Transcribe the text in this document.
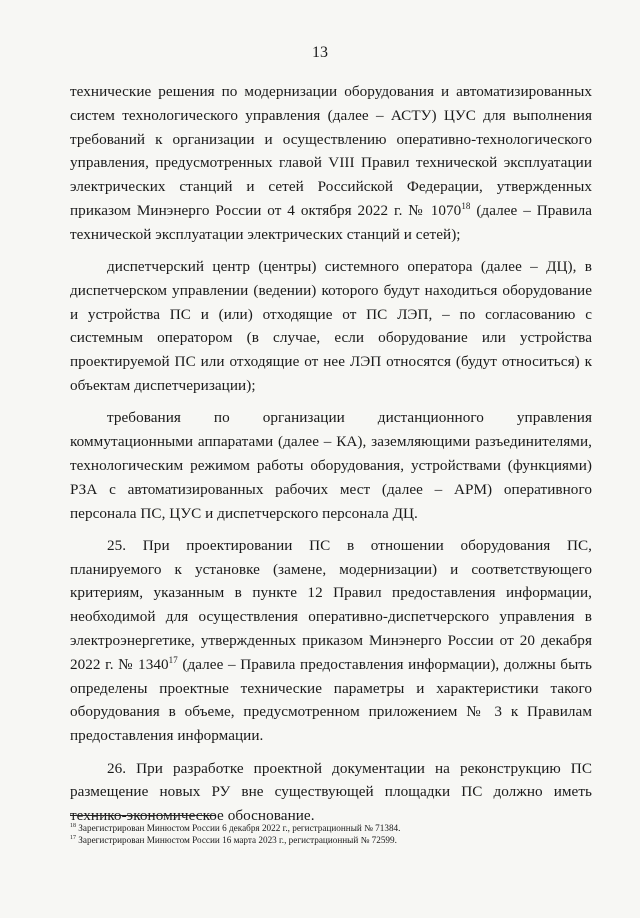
13

технические решения по модернизации оборудования и автоматизированных систем технологического управления (далее – АСТУ) ЦУС для выполнения требований к организации и осуществлению оперативно-технологического управления, предусмотренных главой VIII Правил технической эксплуатации электрических станций и сетей Российской Федерации, утвержденных приказом Минэнерго России от 4 октября 2022 г. № 1070$^{18}$ (далее – Правила технической эксплуатации электрических станций и сетей);

диспетчерский центр (центры) системного оператора (далее – ДЦ), в диспетчерском управлении (ведении) которого будут находиться оборудование и устройства ПС и (или) отходящие от ПС ЛЭП, – по согласованию с системным оператором (в случае, если оборудование или устройства проектируемой ПС или отходящие от нее ЛЭП относятся (будут относиться) к объектам диспетчеризации);

требования по организации дистанционного управления коммутационными аппаратами (далее – КА), заземляющими разъединителями, технологическим режимом работы оборудования, устройствами (функциями) РЗА с автоматизированных рабочих мест (далее – АРМ) оперативного персонала ПС, ЦУС и диспетчерского персонала ДЦ.

25. При проектировании ПС в отношении оборудования ПС, планируемого к установке (замене, модернизации) и соответствующего критериям, указанным в пункте 12 Правил предоставления информации, необходимой для осуществления оперативно-диспетчерского управления в электроэнергетике, утвержденных приказом Минэнерго России от 20 декабря 2022 г. № 1340$^{17}$ (далее – Правила предоставления информации), должны быть определены проектные технические параметры и характеристики такого оборудования в объеме, предусмотренном приложением № 3 к Правилам предоставления информации.

26. При разработке проектной документации на реконструкцию ПС размещение новых РУ вне существующей площадки ПС должно иметь технико-экономическое обоснование.

$^{18}$ Зарегистрирован Минюстом России 6 декабря 2022 г., регистрационный № 71384.

$^{17}$ Зарегистрирован Минюстом России 16 марта 2023 г., регистрационный № 72599.
